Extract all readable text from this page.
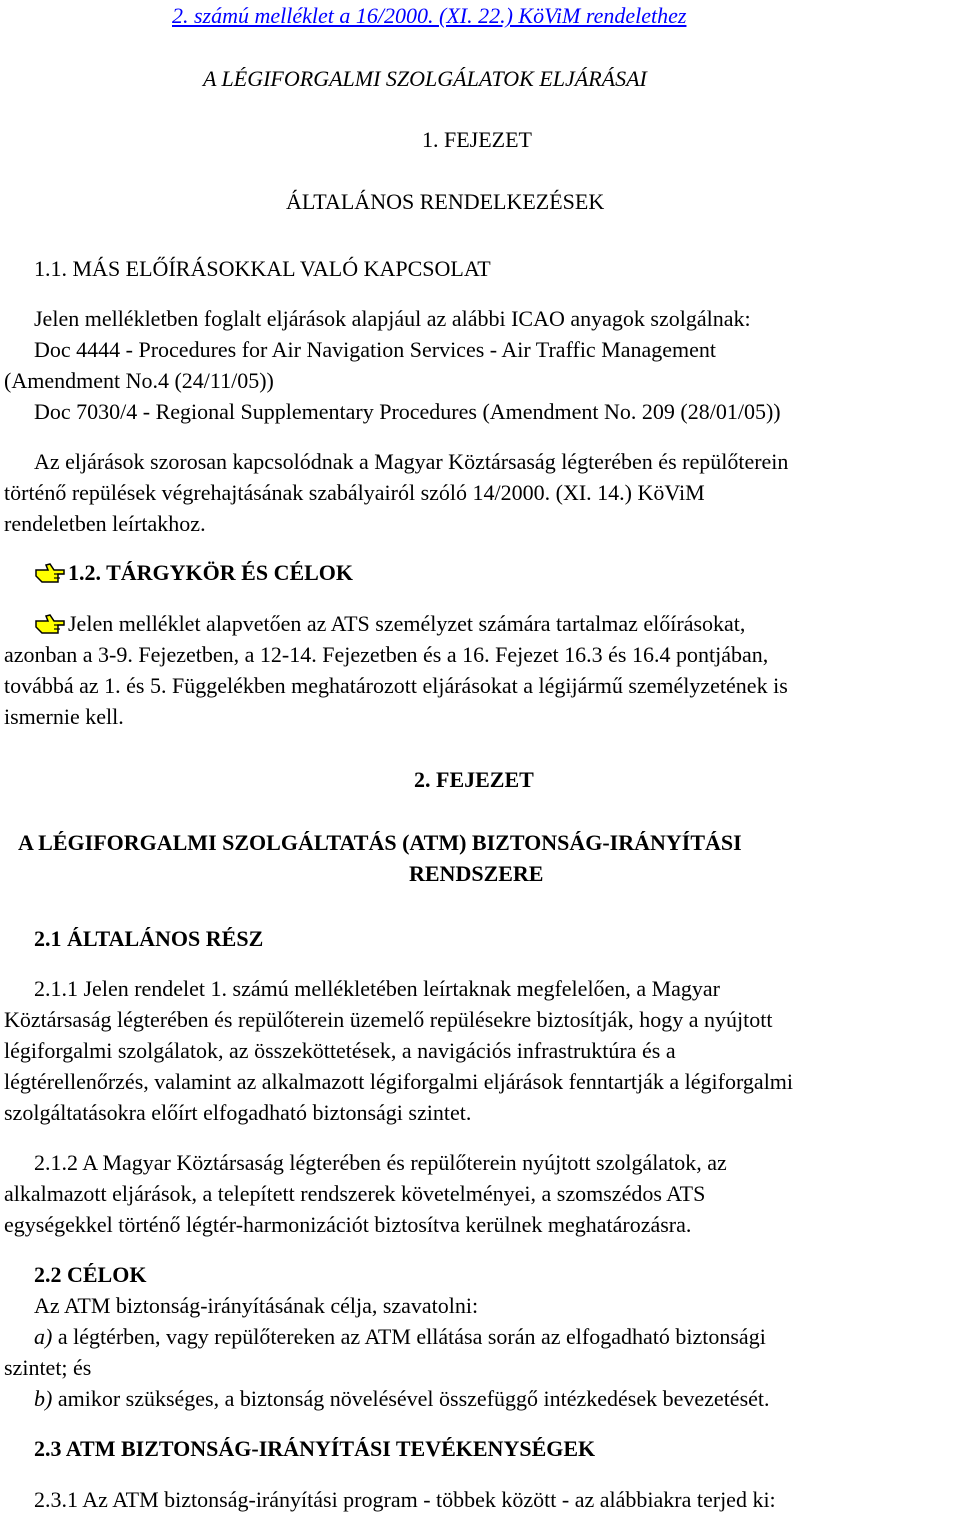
2. számú melléklet a 16/2000. (XI. 22.) KöViM rendelethez
A LÉGIFORGALMI SZOLGÁLATOK ELJÁRÁSAI
1. FEJEZET
ÁLTALÁNOS RENDELKEZÉSEK
1.1. MÁS ELŐÍRÁSOKKAL VALÓ KAPCSOLAT
Jelen mellékletben foglalt eljárások alapjául az alábbi ICAO anyagok szolgálnak:
Doc 4444 - Procedures for Air Navigation Services - Air Traffic Management
(Amendment No.4 (24/11/05))
Doc 7030/4 - Regional Supplementary Procedures (Amendment No. 209 (28/01/05))
Az eljárások szorosan kapcsolódnak a Magyar Köztársaság légterében és repülőterein
történő repülések végrehajtásának szabályairól szóló 14/2000. (XI. 14.) KöViM
rendeletben leírtakhoz.
1.2. TÁRGYKÖR ÉS CÉLOK
Jelen melléklet alapvetően az ATS személyzet számára tartalmaz előírásokat,
azonban a 3-9. Fejezetben, a 12-14. Fejezetben és a 16. Fejezet 16.3 és 16.4 pontjában,
továbbá az 1. és 5. Függelékben meghatározott eljárásokat a légijármű személyzetének is
ismernie kell.
2. FEJEZET
A LÉGIFORGALMI SZOLGÁLTATÁS (ATM) BIZTONSÁG-IRÁNYÍTÁSI
RENDSZERE
2.1 ÁLTALÁNOS RÉSZ
2.1.1 Jelen rendelet 1. számú mellékletében leírtaknak megfelelően, a Magyar
Köztársaság légterében és repülőterein üzemelő repülésekre biztosítják, hogy a nyújtott
légiforgalmi szolgálatok, az összeköttetések, a navigációs infrastruktúra és a
légtérellenőrzés, valamint az alkalmazott légiforgalmi eljárások fenntartják a légiforgalmi
szolgáltatásokra előírt elfogadható biztonsági szintet.
2.1.2 A Magyar Köztársaság légterében és repülőterein nyújtott szolgálatok, az
alkalmazott eljárások, a telepített rendszerek követelményei, a szomszédos ATS
egységekkel történő légtér-harmonizációt biztosítva kerülnek meghatározásra.
2.2 CÉLOK
Az ATM biztonság-irányításának célja, szavatolni:
a) a légtérben, vagy repülőtereken az ATM ellátása során az elfogadható biztonsági
szintet; és
b) amikor szükséges, a biztonság növelésével összefüggő intézkedések bevezetését.
2.3 ATM BIZTONSÁG-IRÁNYÍTÁSI TEVÉKENYSÉGEK
2.3.1 Az ATM biztonság-irányítási program - többek között - az alábbiakra terjed ki:
